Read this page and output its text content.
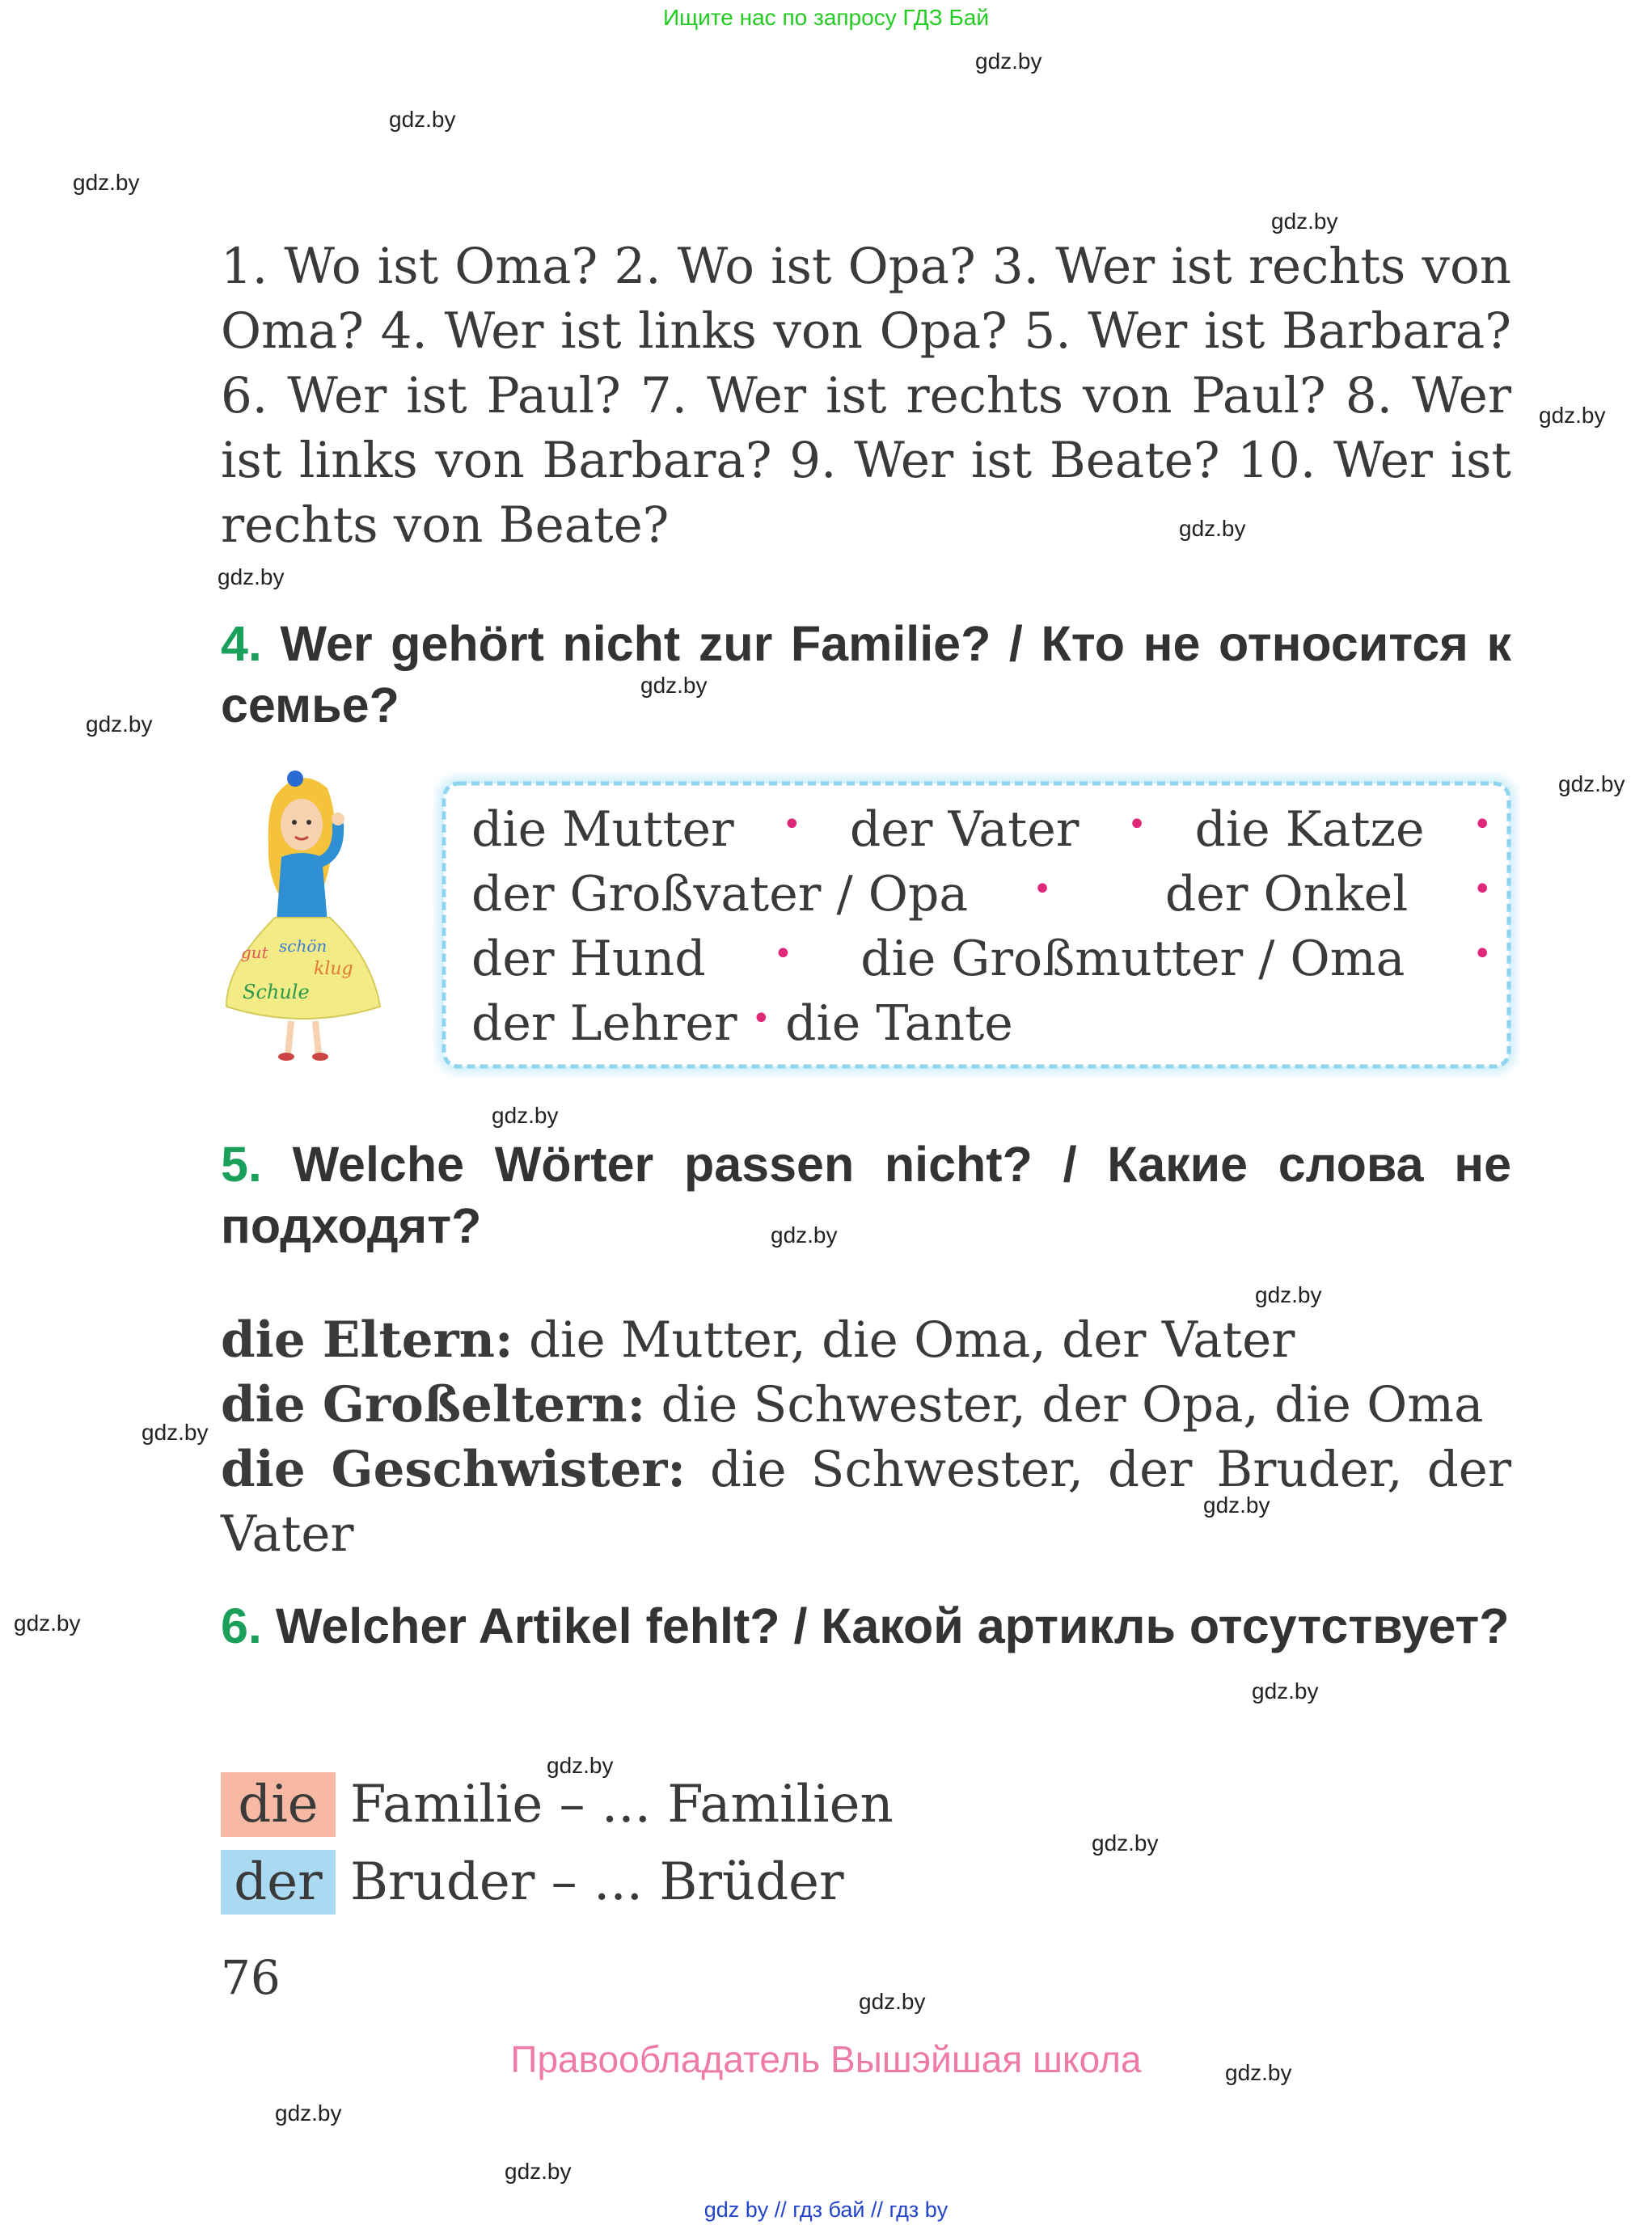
Ищите нас по запросу ГДЗ Бай
gdz.by
gdz.by
gdz.by
gdz.by
gdz.by
gdz.by
gdz.by
gdz.by
gdz.by
gdz.by
gdz.by
gdz.by
gdz.by
gdz.by
gdz.by
gdz.by
gdz.by
gdz.by
gdz.by
gdz.by
gdz.by
gdz.by
gdz.by
1. Wo ist Oma? 2. Wo ist Opa? 3. Wer ist rechts von Oma? 4. Wer ist links von Opa? 5. Wer ist Barbara? 6. Wer ist Paul? 7. Wer ist rechts von Paul? 8. Wer ist links von Barbara? 9. Wer ist Beate? 10. Wer ist rechts von Beate?
4. Wer gehört nicht zur Familie? / Кто не относится к семье?
gut schön
klug
Schule
die Mutter • der Vater • die Katze •
der Großvater / Opa • der Onkel •
der Hund • die Großmutter / Oma •
der Lehrer • die Tante
5. Welche Wörter passen nicht? / Какие слова не подходят?
die Eltern: die Mutter, die Oma, der Vater
die Großeltern: die Schwester, der Opa, die Oma
die Geschwister: die Schwester, der Bruder, der Vater
6. Welcher Artikel fehlt? / Какой артикль отсутствует?
die Familie – ... Familien
der Bruder – ... Brüder
76
Правообладатель Вышэйшая школа
gdz by // гдз бай // гдз by
